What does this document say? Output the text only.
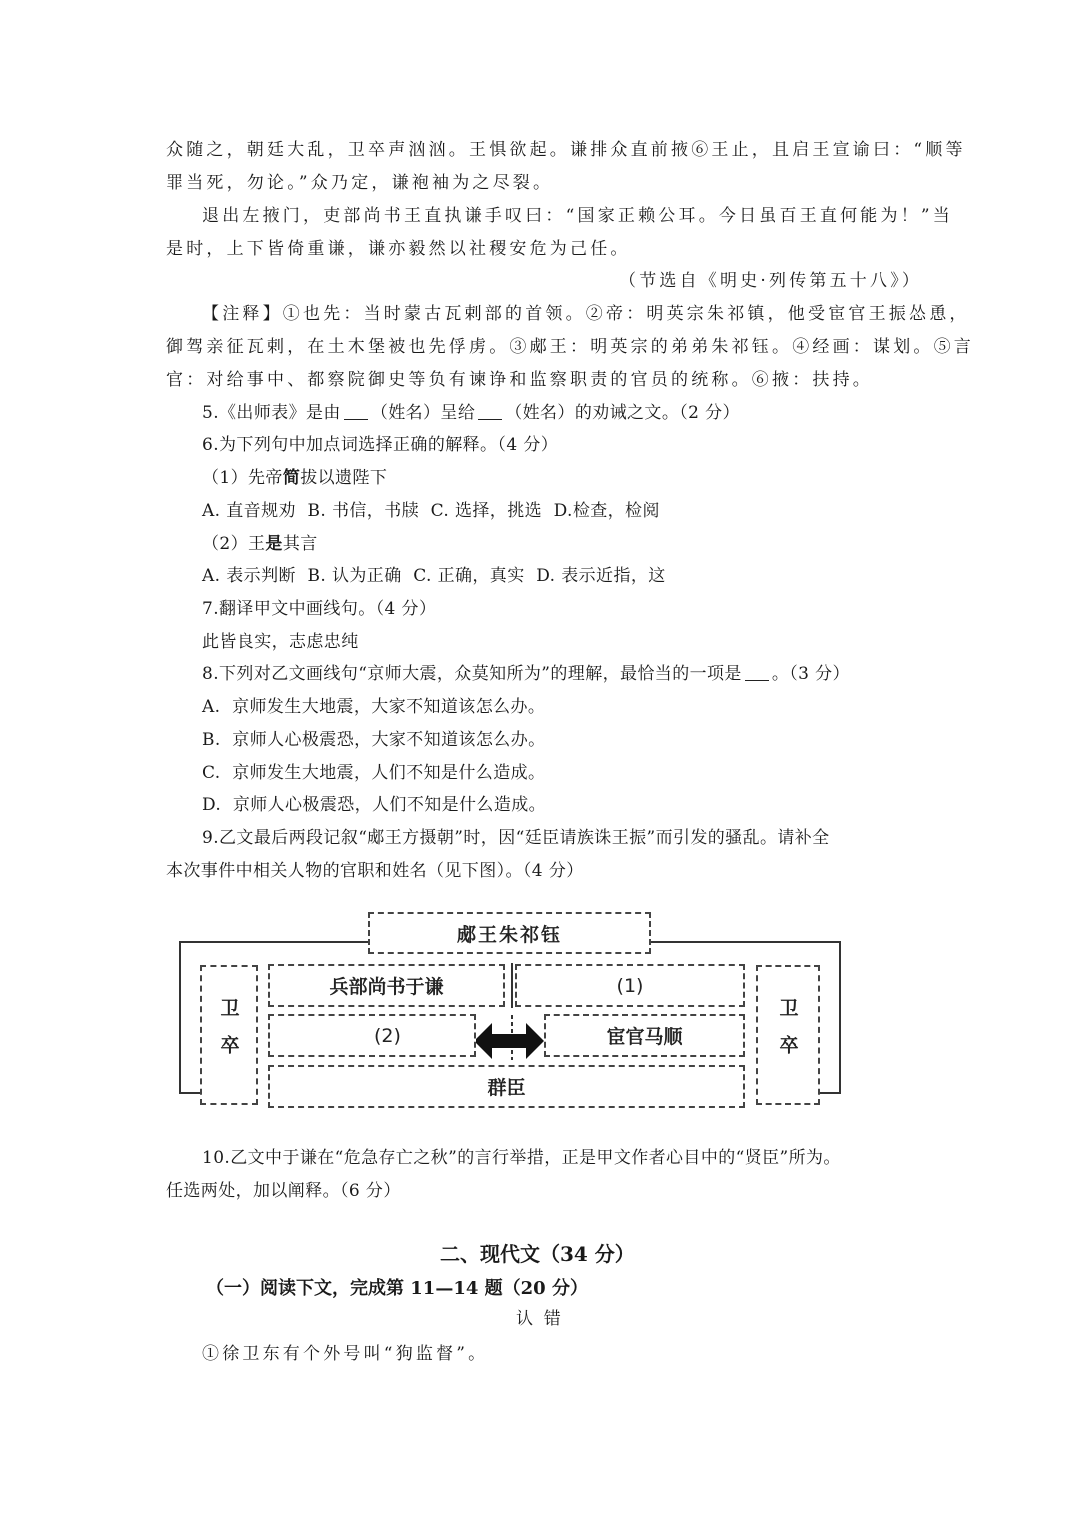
众随之，朝廷大乱，卫卒声汹汹。王惧欲起。谦排众直前掖⑥王止，且启王宣谕曰：“顺等
罪当死，勿论。”众乃定，谦袍袖为之尽裂。
退出左掖门，吏部尚书王直执谦手叹曰：“国家正赖公耳。今日虽百王直何能为！”当
是时，上下皆倚重谦，谦亦毅然以社稷安危为己任。
（节选自《明史·列传第五十八》）
【注释】①也先：当时蒙古瓦剌部的首领。②帝：明英宗朱祁镇，他受宦官王振怂恿，
御驾亲征瓦剌，在土木堡被也先俘虏。③郕王：明英宗的弟弟朱祁钰。④经画：谋划。⑤言
官：对给事中、都察院御史等负有谏诤和监察职责的官员的统称。⑥掖：扶持。
5.《出师表》是由 （姓名）呈给 （姓名）的劝诫之文。（2 分）
6.为下列句中加点词选择正确的解释。（4 分）
（1）先帝简拔以遗陛下
A. 直音规劝  B. 书信，书牍  C. 选择，挑选  D.检查，检阅
（2）王是其言
A. 表示判断  B. 认为正确  C. 正确，真实  D. 表示近指，这
7.翻译甲文中画线句。（4 分）
此皆良实，志虑忠纯
8.下列对乙文画线句“京师大震，众莫知所为”的理解，最恰当的一项是 。（3 分）
A.  京师发生大地震，大家不知道该怎么办。
B.  京师人心极震恐，大家不知道该怎么办。
C.  京师发生大地震，人们不知是什么造成。
D.  京师人心极震恐，人们不知是什么造成。
9.乙文最后两段记叙“郕王方摄朝”时，因“廷臣请族诛王振”而引发的骚乱。请补全
本次事件中相关人物的官职和姓名（见下图）。（4 分）
郕王朱祁钰
卫卒	卫卒
兵部尚书于谦	(1)
(2)	宦官马顺
群臣
10.乙文中于谦在“危急存亡之秋”的言行举措，正是甲文作者心目中的“贤臣”所为。
任选两处，加以阐释。（6 分）
二、现代文（34 分）
（一）阅读下文，完成第 11—14 题（20 分）
认  错
①徐卫东有个外号叫“狗监督”。
